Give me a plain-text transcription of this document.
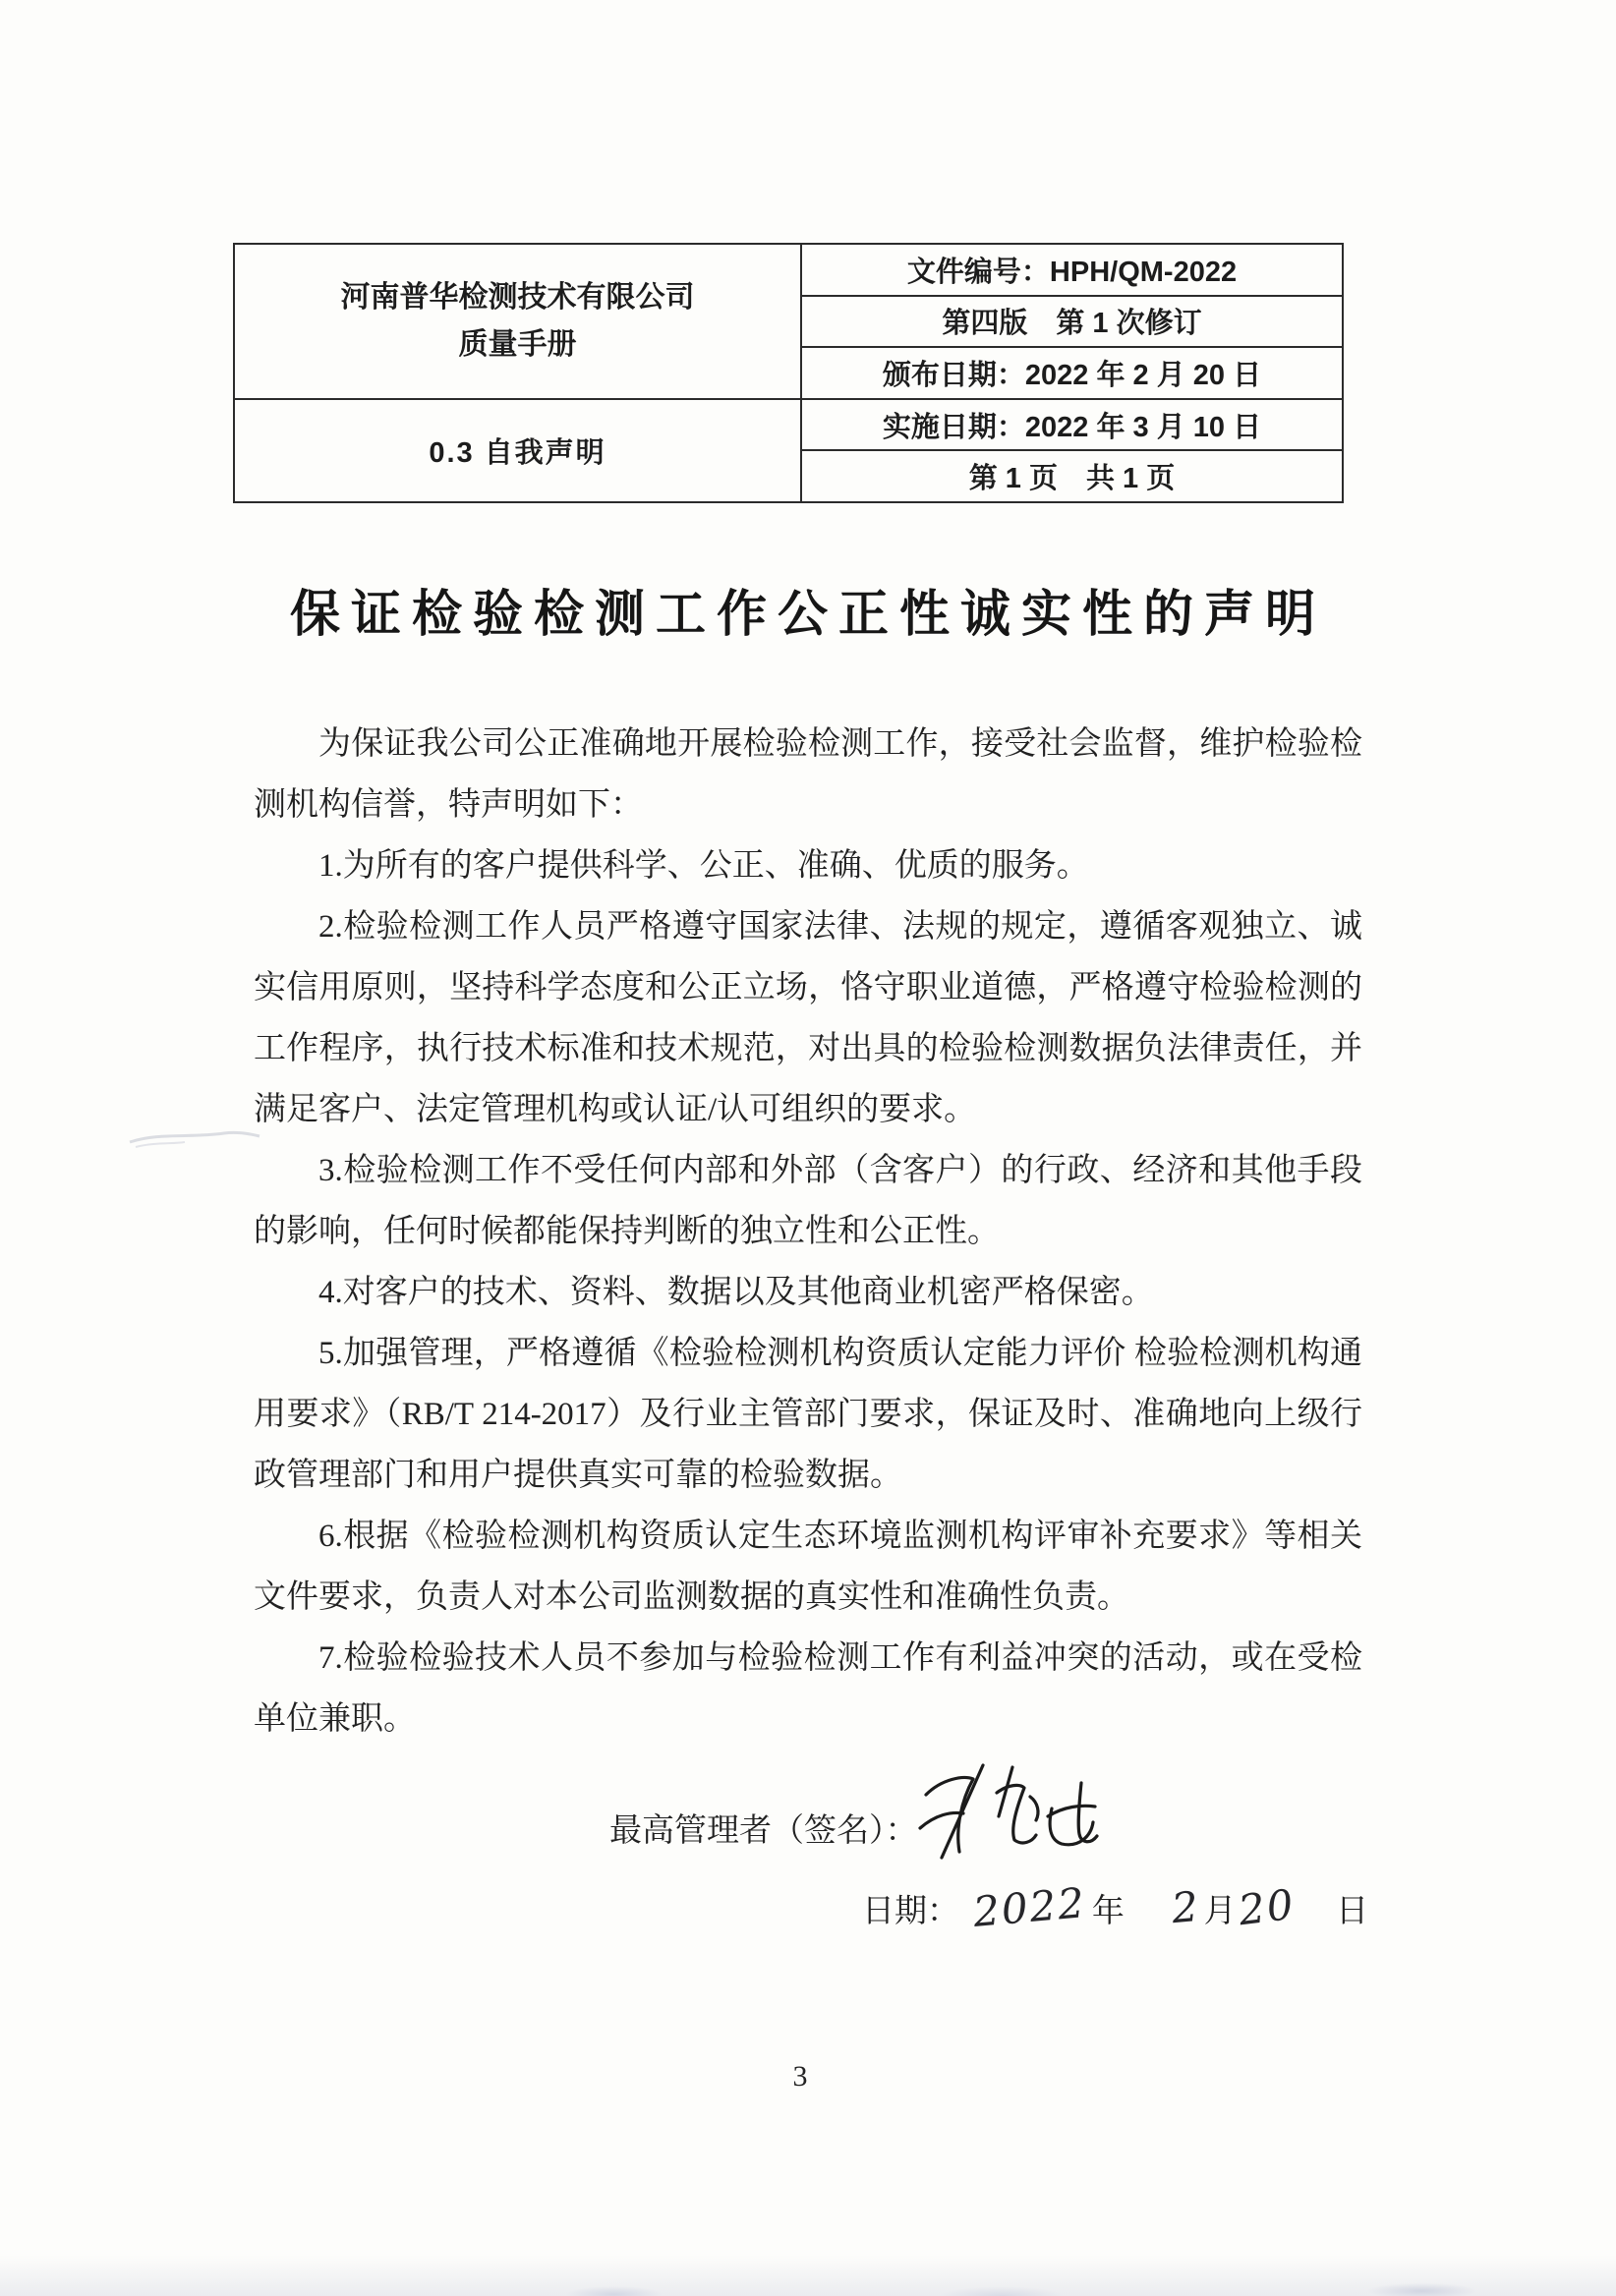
河南普华检测技术有限公司
质量手册	文件编号：HPH/QM-2022
	第四版　第 1 次修订
	颁布日期：2022 年 2 月 20 日
0.3 自我声明	实施日期：2022 年 3 月 10 日
	第 1 页　共 1 页
保证检验检测工作公正性诚实性的声明

为保证我公司公正准确地开展检验检测工作，接受社会监督，维护检验检测机构信誉，特声明如下：

1.为所有的客户提供科学、公正、准确、优质的服务。

2.检验检测工作人员严格遵守国家法律、法规的规定，遵循客观独立、诚实信用原则，坚持科学态度和公正立场，恪守职业道德，严格遵守检验检测的工作程序，执行技术标准和技术规范，对出具的检验检测数据负法律责任，并满足客户、法定管理机构或认证/认可组织的要求。

3.检验检测工作不受任何内部和外部（含客户）的行政、经济和其他手段的影响，任何时候都能保持判断的独立性和公正性。

4.对客户的技术、资料、数据以及其他商业机密严格保密。

5.加强管理，严格遵循《检验检测机构资质认定能力评价 检验检测机构通用要求》（RB/T 214-2017）及行业主管部门要求，保证及时、准确地向上级行政管理部门和用户提供真实可靠的检验数据。

6.根据《检验检测机构资质认定生态环境监测机构评审补充要求》等相关文件要求，负责人对本公司监测数据的真实性和准确性负责。

7.检验检验技术人员不参加与检验检测工作有利益冲突的活动，或在受检单位兼职。

最高管理者（签名）：
日期： 2022 年 2月20 日
3
